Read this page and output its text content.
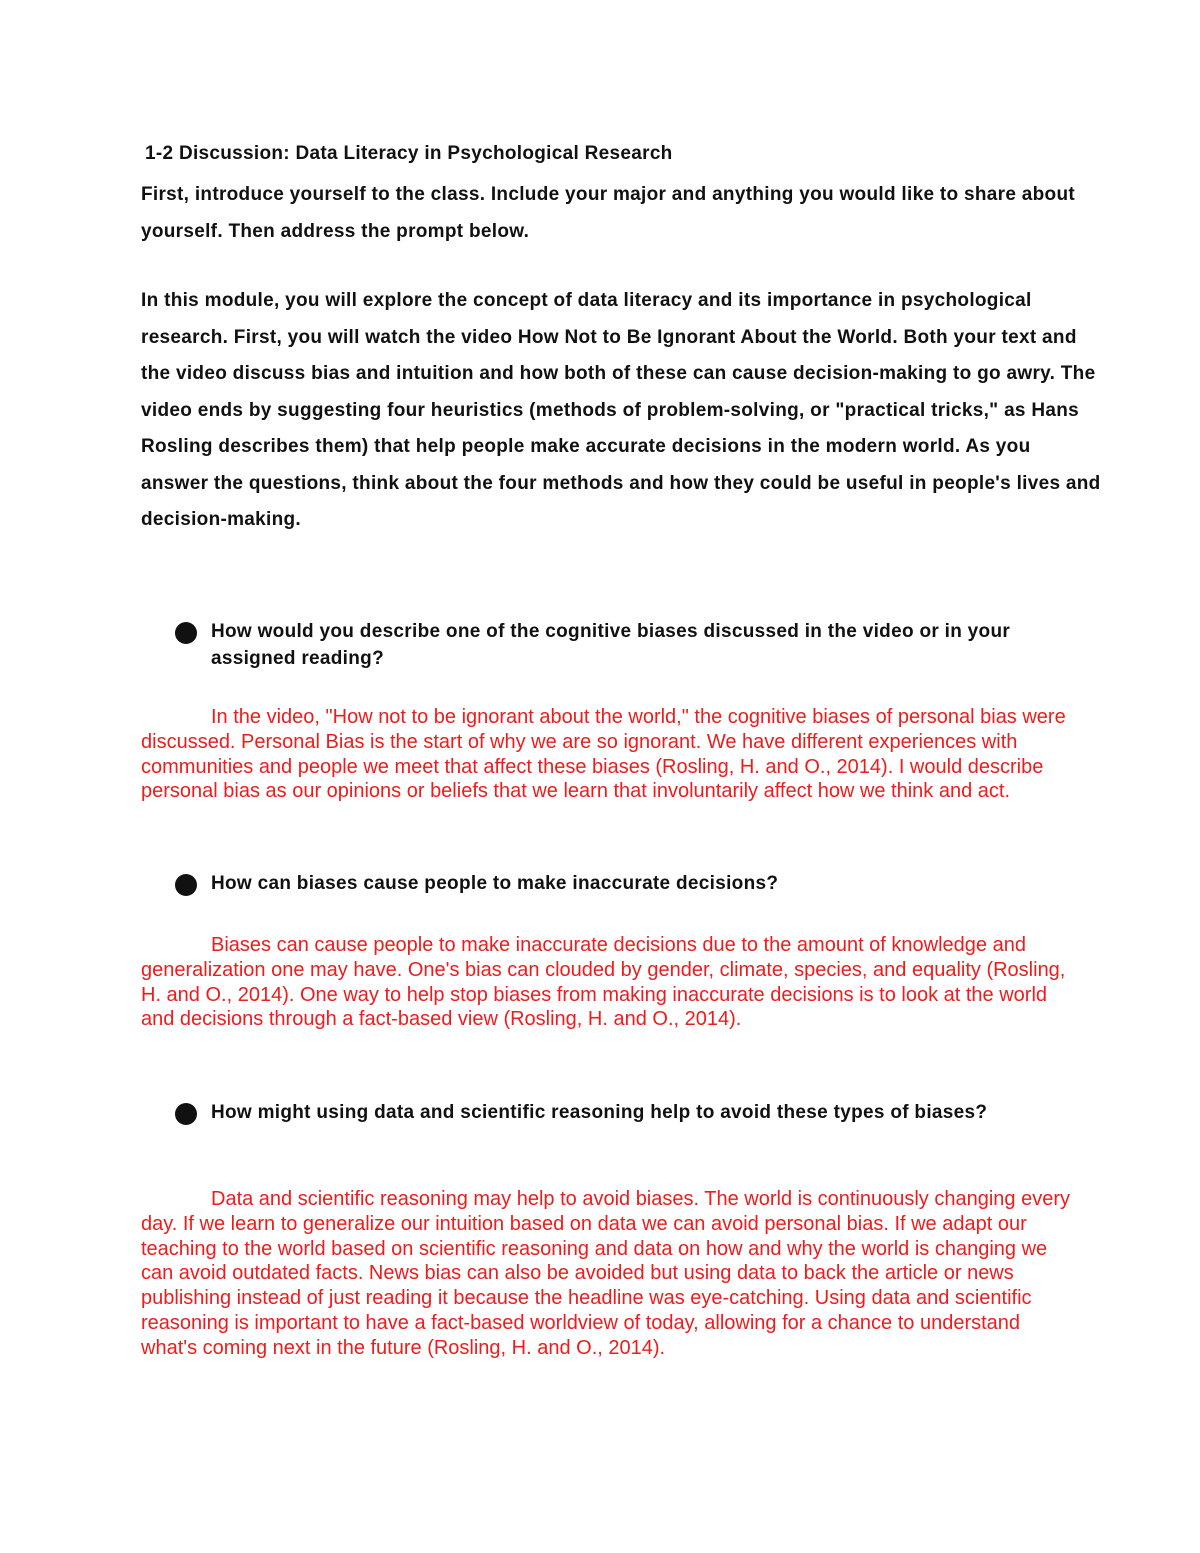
1-2 Discussion: Data Literacy in Psychological Research
First, introduce yourself to the class. Include your major and anything you would like to share about yourself. Then address the prompt below.
In this module, you will explore the concept of data literacy and its importance in psychological research. First, you will watch the video How Not to Be Ignorant About the World. Both your text and the video discuss bias and intuition and how both of these can cause decision-making to go awry. The video ends by suggesting four heuristics (methods of problem-solving, or "practical tricks," as Hans Rosling describes them) that help people make accurate decisions in the modern world. As you answer the questions, think about the four methods and how they could be useful in people's lives and decision-making.
How would you describe one of the cognitive biases discussed in the video or in your assigned reading?
In the video, "How not to be ignorant about the world," the cognitive biases of personal bias were discussed. Personal Bias is the start of why we are so ignorant. We have different experiences with communities and people we meet that affect these biases (Rosling, H. and O., 2014). I would describe personal bias as our opinions or beliefs that we learn that involuntarily affect how we think and act.
How can biases cause people to make inaccurate decisions?
Biases can cause people to make inaccurate decisions due to the amount of knowledge and generalization one may have. One's bias can clouded by gender, climate, species, and equality (Rosling, H. and O., 2014). One way to help stop biases from making inaccurate decisions is to look at the world and decisions through a fact-based view (Rosling, H. and O., 2014).
How might using data and scientific reasoning help to avoid these types of biases?
Data and scientific reasoning may help to avoid biases. The world is continuously changing every day. If we learn to generalize our intuition based on data we can avoid personal bias. If we adapt our teaching to the world based on scientific reasoning and data on how and why the world is changing we can avoid outdated facts. News bias can also be avoided but using data to back the article or news publishing instead of just reading it because the headline was eye-catching. Using data and scientific reasoning is important to have a fact-based worldview of today, allowing for a chance to understand what's coming next in the future (Rosling, H. and O., 2014).
